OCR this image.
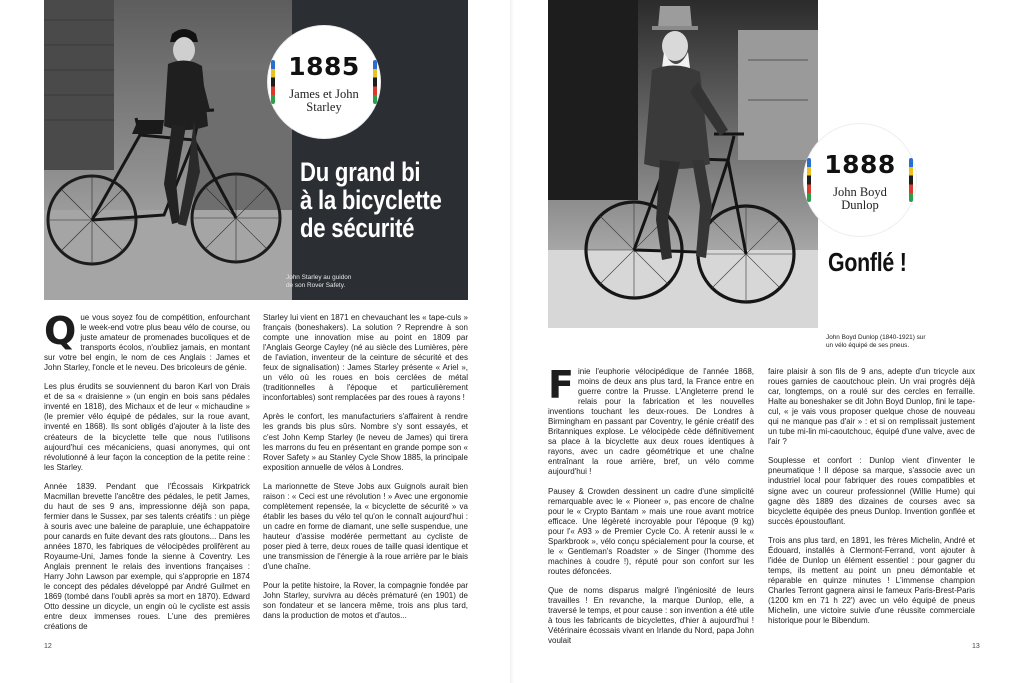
1885
James et John
Starley
Du grand bi
à la bicyclette
de sécurité
John Starley au guidon
de son Rover Safety.

Que vous soyez fou de compétition, enfourchant le week-end votre plus beau vélo de course, ou juste amateur de promenades bucoliques et de transports écolos, n'oubliez jamais, en montant sur votre bel engin, le nom de ces Anglais : James et John Starley, l'oncle et le neveu. Des bricoleurs de génie.

Les plus érudits se souviennent du baron Karl von Drais et de sa « draisienne » (un engin en bois sans pédales inventé en 1818), des Michaux et de leur « michaudine » (le premier vélo équipé de pédales, sur la roue avant, inventé en 1868). Ils sont obligés d'ajouter à la liste des créateurs de la bicyclette telle que nous l'utilisons aujourd'hui ces mécaniciens, quasi anonymes, qui ont révolutionné à leur façon la conception de la petite reine : les Starley.

Année 1839. Pendant que l'Écossais Kirkpatrick Macmillan brevette l'ancêtre des pédales, le petit James, du haut de ses 9 ans, impressionne déjà son papa, fermier dans le Sussex, par ses talents créatifs : un piège à souris avec une baleine de parapluie, une échappatoire pour canards en fuite devant des rats gloutons... Dans les années 1870, les fabriques de vélocipèdes prolifèrent au Royaume-Uni, James fonde la sienne à Coventry. Les Anglais prennent le relais des inventions françaises : Harry John Lawson par exemple, qui s'approprie en 1874 le concept des pédales développé par André Guilmet en 1869 (tombé dans l'oubli après sa mort en 1870). Edward Otto dessine un dicycle, un engin où le cycliste est assis entre deux immenses roues. L'une des premières créations de

Starley lui vient en 1871 en chevauchant les « tape-culs » français (boneshakers). La solution ? Reprendre à son compte une innovation mise au point en 1809 par l'Anglais George Cayley (né au siècle des Lumières, père de l'aviation, inventeur de la ceinture de sécurité et des feux de signalisation) : James Starley présente « Ariel », un vélo où les roues en bois cerclées de métal (traditionnelles à l'époque et particulièrement inconfortables) sont remplacées par des roues à rayons !

Après le confort, les manufacturiers s'affairent à rendre les grands bis plus sûrs. Nombre s'y sont essayés, et c'est John Kemp Starley (le neveu de James) qui tirera les marrons du feu en présentant en grande pompe son « Rover Safety » au Stanley Cycle Show 1885, la principale exposition annuelle de vélos à Londres.

La marionnette de Steve Jobs aux Guignols aurait bien raison : « Ceci est une révolution ! » Avec une ergonomie complètement repensée, la « bicyclette de sécurité » va établir les bases du vélo tel qu'on le connaît aujourd'hui : un cadre en forme de diamant, une selle suspendue, une hauteur d'assise modérée permettant au cycliste de poser pied à terre, deux roues de taille quasi identique et une transmission de l'énergie à la roue arrière par le biais d'une chaîne.

Pour la petite histoire, la Rover, la compagnie fondée par John Starley, survivra au décès prématuré (en 1901) de son fondateur et se lancera même, trois ans plus tard, dans la production de motos et d'autos...

12
1888
John Boyd
Dunlop
Gonflé !
John Boyd Dunlop (1840-1921) sur
un vélo équipé de ses pneus.

Finie l'euphorie vélocipédique de l'année 1868, moins de deux ans plus tard, la France entre en guerre contre la Prusse. L'Angleterre prend le relais pour la fabrication et les nouvelles inventions touchant les deux-roues. De Londres à Birmingham en passant par Coventry, le génie créatif des Britanniques explose. Le vélocipède cède définitivement sa place à la bicyclette aux deux roues identiques à rayons, avec un cadre géométrique et une chaîne entraînant la roue arrière, bref, un vélo comme aujourd'hui !

Pausey & Crowden dessinent un cadre d'une simplicité remarquable avec le « Pioneer », pas encore de chaîne pour le « Crypto Bantam » mais une roue avant motrice efficace. Une légèreté incroyable pour l'époque (9 kg) pour l'« A93 » de Premier Cycle Co. À retenir aussi le « Sparkbrook », vélo conçu spécialement pour la course, et le « Gentleman's Roadster » de Singer (l'homme des machines à coudre !), réputé pour son confort sur les routes défoncées.

Que de noms disparus malgré l'ingéniosité de leurs travailles ! En revanche, la marque Dunlop, elle, a traversé le temps, et pour cause : son invention a été utile à tous les fabricants de bicyclettes, d'hier à aujourd'hui ! Vétérinaire écossais vivant en Irlande du Nord, papa John voulait

faire plaisir à son fils de 9 ans, adepte d'un tricycle aux roues garnies de caoutchouc plein. Un vrai progrès déjà car, longtemps, on a roulé sur des cercles en ferraille. Halte au boneshaker se dit John Boyd Dunlop, fini le tape-cul, « je vais vous proposer quelque chose de nouveau qui ne manque pas d'air » : et si on remplissait justement un tube mi-lin mi-caoutchouc, équipé d'une valve, avec de l'air ?

Souplesse et confort : Dunlop vient d'inventer le pneumatique ! Il dépose sa marque, s'associe avec un industriel local pour fabriquer des roues compatibles et signe avec un coureur professionnel (Willie Hume) qui gagne dès 1889 des dizaines de courses avec sa bicyclette équipée des pneus Dunlop. Invention gonflée et succès époustouflant.

Trois ans plus tard, en 1891, les frères Michelin, André et Édouard, installés à Clermont-Ferrand, vont ajouter à l'idée de Dunlop un élément essentiel : pour gagner du temps, ils mettent au point un pneu démontable et réparable en quinze minutes ! L'immense champion Charles Terront gagnera ainsi le fameux Paris-Brest-Paris (1200 km en 71 h 22') avec un vélo équipé de pneus Michelin, une victoire suivie d'une réussite commerciale historique pour le Bibendum.

13
